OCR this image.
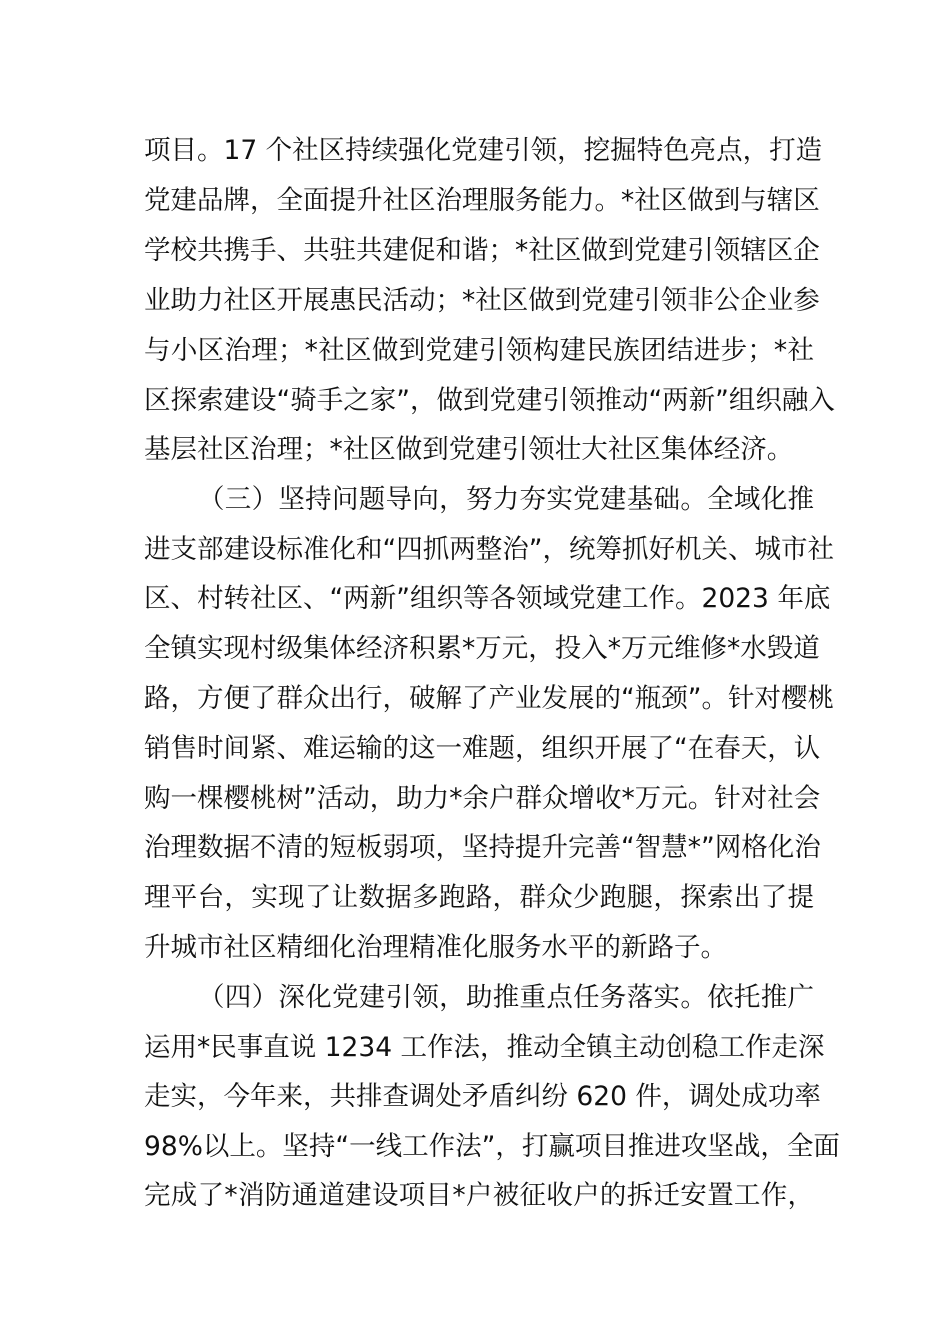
项目。17 个社区持续强化党建引领，挖掘特色亮点，打造
党建品牌，全面提升社区治理服务能力。*社区做到与辖区
学校共携手、共驻共建促和谐；*社区做到党建引领辖区企
业助力社区开展惠民活动；*社区做到党建引领非公企业参
与小区治理；*社区做到党建引领构建民族团结进步；*社
区探索建设“骑手之家”，做到党建引领推动“两新”组织融入
基层社区治理；*社区做到党建引领壮大社区集体经济。
（三）坚持问题导向，努力夯实党建基础。全域化推
进支部建设标准化和“四抓两整治”，统筹抓好机关、城市社
区、村转社区、“两新”组织等各领域党建工作。2023 年底
全镇实现村级集体经济积累*万元，投入*万元维修*水毁道
路，方便了群众出行，破解了产业发展的“瓶颈”。针对樱桃
销售时间紧、难运输的这一难题，组织开展了“在春天，认
购一棵樱桃树”活动，助力*余户群众增收*万元。针对社会
治理数据不清的短板弱项，坚持提升完善“智慧*”网格化治
理平台，实现了让数据多跑路，群众少跑腿，探索出了提
升城市社区精细化治理精准化服务水平的新路子。
（四）深化党建引领，助推重点任务落实。依托推广
运用*民事直说 1234 工作法，推动全镇主动创稳工作走深
走实，今年来，共排查调处矛盾纠纷 620 件，调处成功率
98%以上。坚持“一线工作法”，打赢项目推进攻坚战，全面
完成了*消防通道建设项目*户被征收户的拆迁安置工作，
